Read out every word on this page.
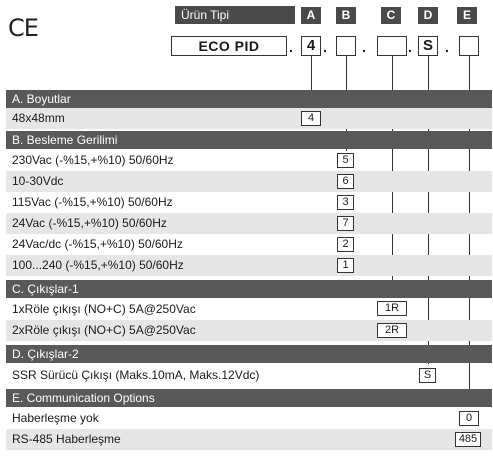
CE	Ürün Tipi	A	B	C	D	E
ECO PID	. 4 .	.	. S .
A. Boyutlar
48x48mm	4
B. Besleme Gerilimi
230Vac (-%15,+%10) 50/60Hz	5
10-30Vdc	6
115Vac (-%15,+%10) 50/60Hz	3
24Vac (-%15,+%10) 50/60Hz	7
24Vac/dc (-%15,+%10) 50/60Hz	2
100...240 (-%15,+%10) 50/60Hz	1
C. Çıkışlar-1
1xRöle çıkışı (NO+C) 5A@250Vac	1R
2xRöle çıkışı (NO+C) 5A@250Vac	2R
D. Çıkışlar-2
SSR Sürücü Çıkışı (Maks.10mA, Maks.12Vdc)	S
E. Communication Options
Haberleşme yok	0
RS-485 Haberleşme	485
